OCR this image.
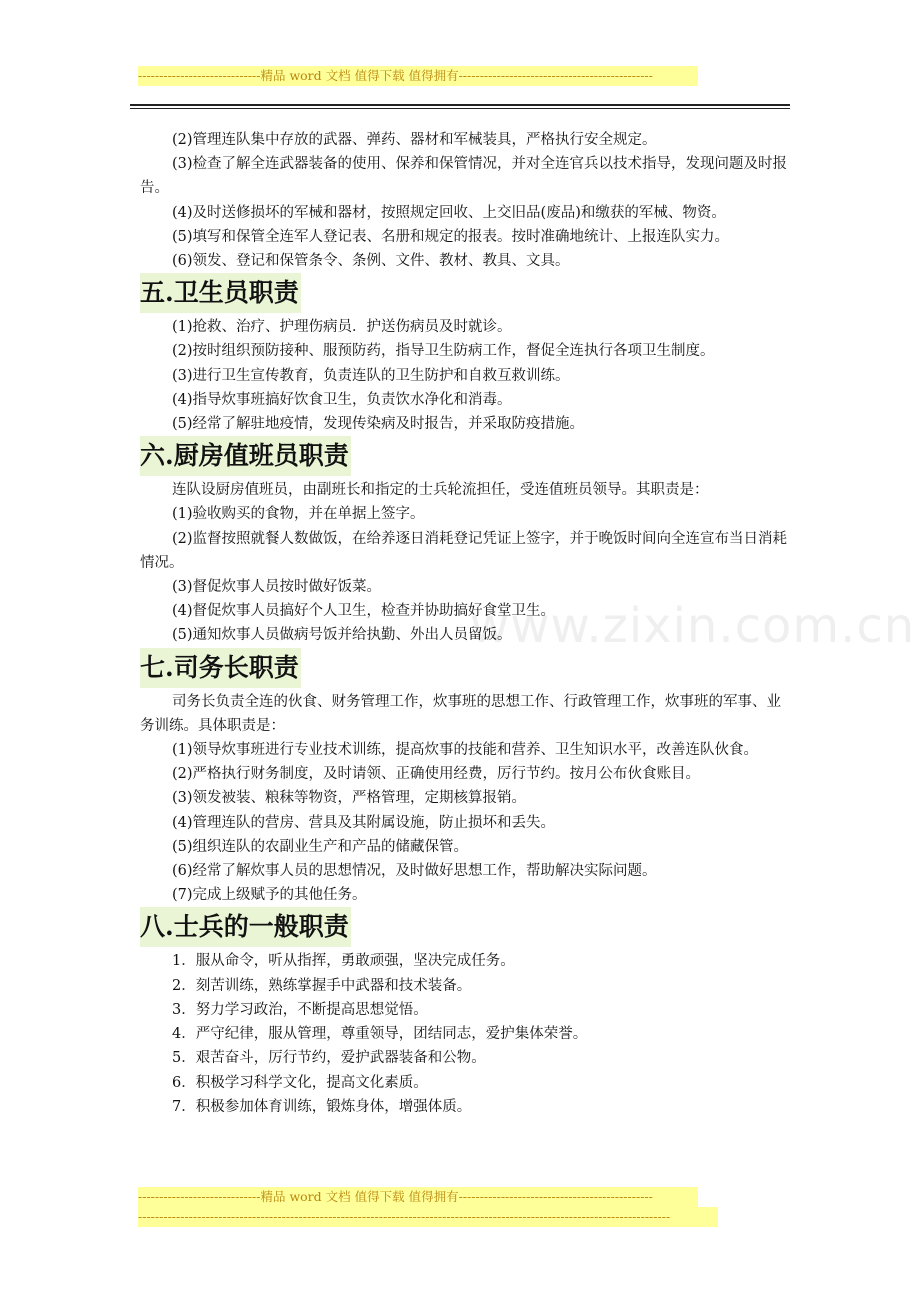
-----------------------------精品 word 文档 值得下载 值得拥有----------------------------------------------
www.zixin.com.cn

(2)管理连队集中存放的武器、弹药、器材和军械装具，严格执行安全规定。

(3)检查了解全连武器装备的使用、保养和保管情况，并对全连官兵以技术指导，发现问题及时报告。

(4)及时送修损坏的军械和器材，按照规定回收、上交旧品(废品)和缴获的军械、物资。

(5)填写和保管全连军人登记表、名册和规定的报表。按时准确地统计、上报连队实力。

(6)领发、登记和保管条令、条例、文件、教材、教具、文具。

五.卫生员职责

(1)抢救、治疗、护理伤病员．护送伤病员及时就诊。

(2)按时组织预防接种、服预防药，指导卫生防病工作，督促全连执行各项卫生制度。

(3)进行卫生宣传教育，负责连队的卫生防护和自救互救训练。

(4)指导炊事班搞好饮食卫生，负责饮水净化和消毒。

(5)经常了解驻地疫情，发现传染病及时报告，并采取防疫措施。

六.厨房值班员职责

连队设厨房值班员，由副班长和指定的士兵轮流担任，受连值班员领导。其职责是：

(1)验收购买的食物，并在单据上签字。

(2)监督按照就餐人数做饭，在给养逐日消耗登记凭证上签字，并于晚饭时间向全连宣布当日消耗情况。

(3)督促炊事人员按时做好饭菜。

(4)督促炊事人员搞好个人卫生，检查并协助搞好食堂卫生。

(5)通知炊事人员做病号饭并给执勤、外出人员留饭。

七.司务长职责

司务长负责全连的伙食、财务管理工作，炊事班的思想工作、行政管理工作，炊事班的军事、业务训练。具体职责是：

(1)领导炊事班进行专业技术训练，提高炊事的技能和营养、卫生知识水平，改善连队伙食。

(2)严格执行财务制度，及时请领、正确使用经费，厉行节约。按月公布伙食账目。

(3)领发被装、粮秣等物资，严格管理，定期核算报销。

(4)管理连队的营房、营具及其附属设施，防止损坏和丢失。

(5)组织连队的农副业生产和产品的储藏保管。

(6)经常了解炊事人员的思想情况，及时做好思想工作，帮助解决实际问题。

(7)完成上级赋予的其他任务。

八.士兵的一般职责

1．服从命令，听从指挥，勇敢顽强，坚决完成任务。

2．刻苦训练，熟练掌握手中武器和技术装备。

3．努力学习政治，不断提高思想觉悟。

4．严守纪律，服从管理，尊重领导，团结同志，爱护集体荣誉。

5．艰苦奋斗，厉行节约，爱护武器装备和公物。

6．积极学习科学文化，提高文化素质。

7．积极参加体育训练，锻炼身体，增强体质。

-----------------------------精品 word 文档 值得下载 值得拥有----------------------------------------------
------------------------------------------------------------------------------------------------------------------------------
